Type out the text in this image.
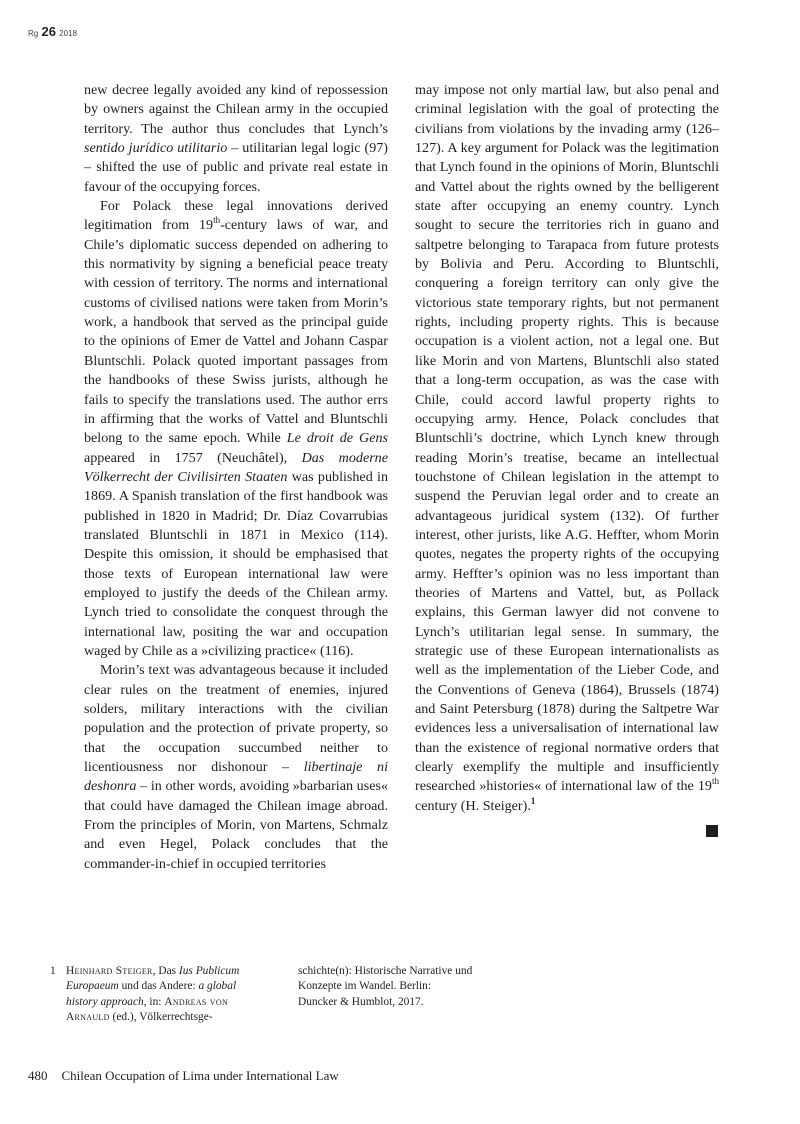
Rg 26 2018

new decree legally avoided any kind of repossession by owners against the Chilean army in the occupied territory. The author thus concludes that Lynch’s sentido jurídico utilitario – utilitarian legal logic (97) – shifted the use of public and private real estate in favour of the occupying forces.

For Polack these legal innovations derived legitimation from 19th-century laws of war, and Chile’s diplomatic success depended on adhering to this normativity by signing a beneficial peace treaty with cession of territory. The norms and international customs of civilised nations were taken from Morin’s work, a handbook that served as the principal guide to the opinions of Emer de Vattel and Johann Caspar Bluntschli. Polack quoted important passages from the handbooks of these Swiss jurists, although he fails to specify the translations used. The author errs in affirming that the works of Vattel and Bluntschli belong to the same epoch. While Le droit de Gens appeared in 1757 (Neuchâtel), Das moderne Völkerrecht der Civilisirten Staaten was published in 1869. A Spanish translation of the first handbook was published in 1820 in Madrid; Dr. Díaz Covarrubias translated Bluntschli in 1871 in Mexico (114). Despite this omission, it should be emphasised that those texts of European international law were employed to justify the deeds of the Chilean army. Lynch tried to consolidate the conquest through the international law, positing the war and occupation waged by Chile as a »civilizing practice« (116).

Morin’s text was advantageous because it included clear rules on the treatment of enemies, injured solders, military interactions with the civilian population and the protection of private property, so that the occupation succumbed neither to licentiousness nor dishonour – libertinaje ni deshonra – in other words, avoiding »barbarian uses« that could have damaged the Chilean image abroad. From the principles of Morin, von Martens, Schmalz and even Hegel, Polack concludes that the commander-in-chief in occupied territories

may impose not only martial law, but also penal and criminal legislation with the goal of protecting the civilians from violations by the invading army (126–127). A key argument for Polack was the legitimation that Lynch found in the opinions of Morin, Bluntschli and Vattel about the rights owned by the belligerent state after occupying an enemy country. Lynch sought to secure the territories rich in guano and saltpetre belonging to Tarapaca from future protests by Bolivia and Peru. According to Bluntschli, conquering a foreign territory can only give the victorious state temporary rights, but not permanent rights, including property rights. This is because occupation is a violent action, not a legal one. But like Morin and von Martens, Bluntschli also stated that a long-term occupation, as was the case with Chile, could accord lawful property rights to occupying army. Hence, Polack concludes that Bluntschli’s doctrine, which Lynch knew through reading Morin’s treatise, became an intellectual touchstone of Chilean legislation in the attempt to suspend the Peruvian legal order and to create an advantageous juridical system (132). Of further interest, other jurists, like A.G. Heffter, whom Morin quotes, negates the property rights of the occupying army. Heffter’s opinion was no less important than theories of Martens and Vattel, but, as Pollack explains, this German lawyer did not convene to Lynch’s utilitarian legal sense. In summary, the strategic use of these European internationalists as well as the implementation of the Lieber Code, and the Conventions of Geneva (1864), Brussels (1874) and Saint Petersburg (1878) during the Saltpetre War evidences less a universalisation of international law than the existence of regional normative orders that clearly exemplify the multiple and insufficiently researched »histories« of international law of the 19th century (H. Steiger).$^1$

1 Heinhard Steiger, Das Ius Publicum Europaeum und das Andere: a global history approach, in: Andreas von Arnauld (ed.), Völkerrechtsge-
schichte(n): Historische Narrative und Konzepte im Wandel. Berlin: Duncker & Humblot, 2017.
480 Chilean Occupation of Lima under International Law
